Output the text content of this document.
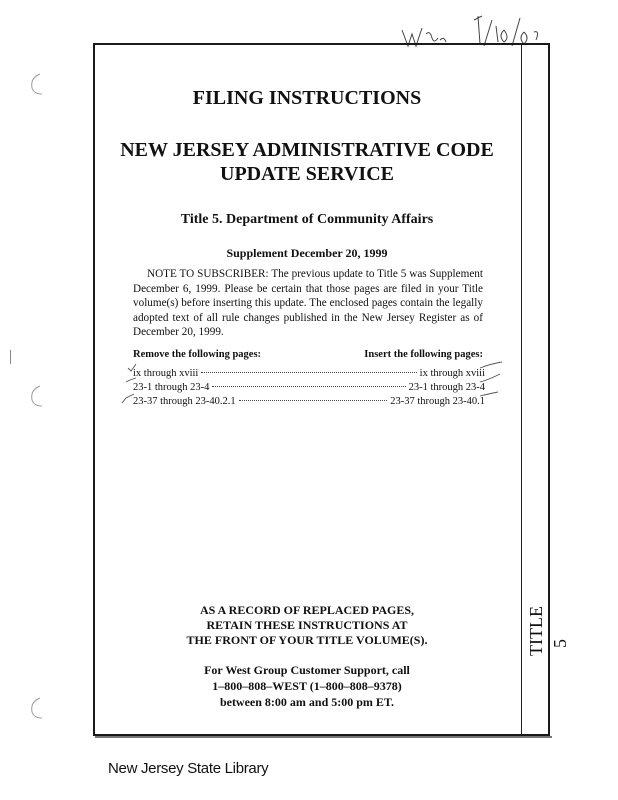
TITLE 5
FILING INSTRUCTIONS
NEW JERSEY ADMINISTRATIVE CODE
UPDATE SERVICE
Title 5. Department of Community Affairs
Supplement December 20, 1999
NOTE TO SUBSCRIBER: The previous update to Title 5 was Supplement December 6, 1999. Please be certain that those pages are filed in your Title volume(s) before inserting this update. The enclosed pages contain the legally adopted text of all rule changes published in the New Jersey Register as of December 20, 1999.
Remove the following pages:	Insert the following pages:
ix through xviii	ix through xviii
23-1 through 23-4	23-1 through 23-4
23-37 through 23-40.2.1	23-37 through 23-40.1
AS A RECORD OF REPLACED PAGES,
RETAIN THESE INSTRUCTIONS AT
THE FRONT OF YOUR TITLE VOLUME(S).
For West Group Customer Support, call
1–800–808–WEST (1–800–808–9378)
between 8:00 am and 5:00 pm ET.
New Jersey State Library
